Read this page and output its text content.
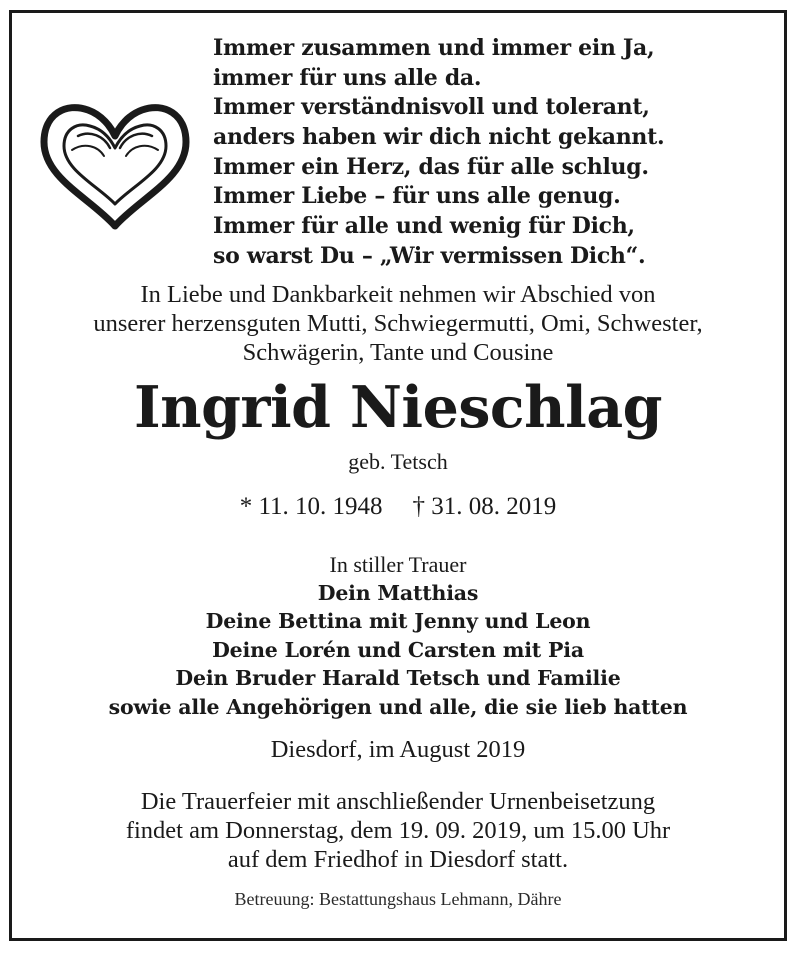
Immer zusammen und immer ein Ja,
immer für uns alle da.
Immer verständnisvoll und tolerant,
anders haben wir dich nicht gekannt.
Immer ein Herz, das für alle schlug.
Immer Liebe – für uns alle genug.
Immer für alle und wenig für Dich,
so warst Du – „Wir vermissen Dich“.
In Liebe und Dankbarkeit nehmen wir Abschied von
unserer herzensguten Mutti, Schwiegermutti, Omi, Schwester,
Schwägerin, Tante und Cousine
Ingrid Nieschlag
geb. Tetsch
* 11. 10. 1948 † 31. 08. 2019
In stiller Trauer
Dein Matthias
Deine Bettina mit Jenny und Leon
Deine Lorén und Carsten mit Pia
Dein Bruder Harald Tetsch und Familie
sowie alle Angehörigen und alle, die sie lieb hatten
Diesdorf, im August 2019
Die Trauerfeier mit anschließender Urnenbeisetzung
findet am Donnerstag, dem 19. 09. 2019, um 15.00 Uhr
auf dem Friedhof in Diesdorf statt.
Betreuung: Bestattungshaus Lehmann, Dähre
